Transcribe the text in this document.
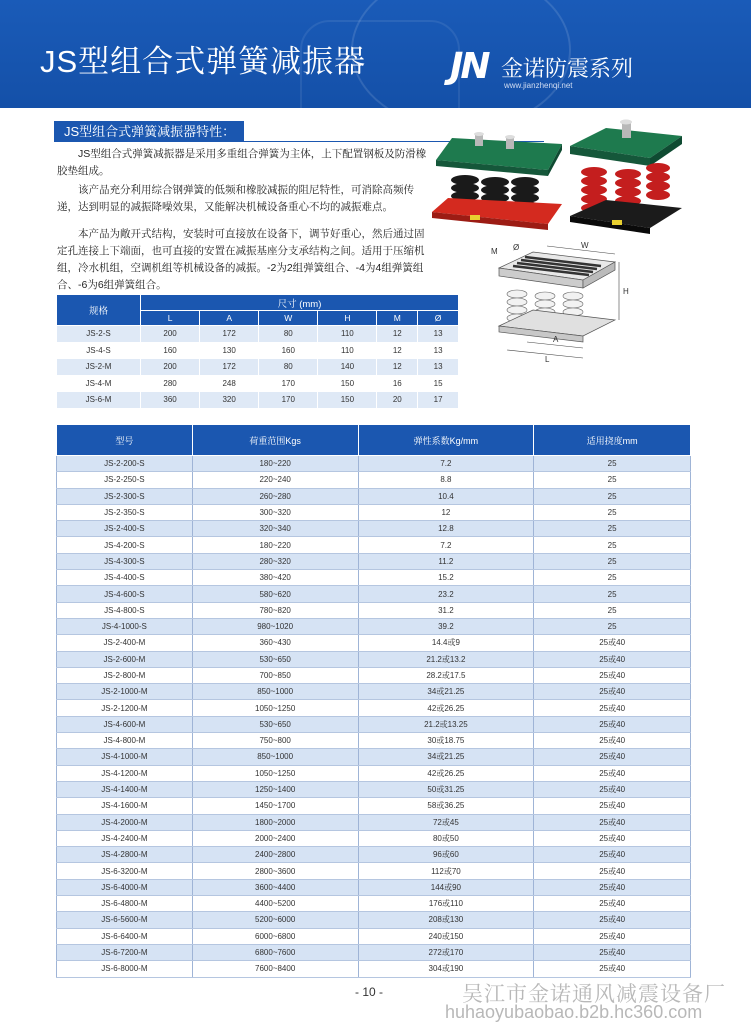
JS型组合式弹簧减振器 JN 金诺防震系列
www.jianzhenqi.net
JS型组合式弹簧减振器特性：
JS型组合式弹簧减振器是采用多重组合弹簧为主体，上下配置钢板及防滑橡胶垫组成。
该产品充分利用综合钢弹簧的低频和橡胶减振的阻尼特性，可消除高频传递，达到明显的减振降噪效果，又能解决机械设备重心不均的减振难点。
本产品为敞开式结构，安装时可直接放在设备下，调节好重心，然后通过固定孔连接上下端面，也可直接的安置在减振基座分支承结构之间。适用于压缩机组，冷水机组，空调机组等机械设备的减振。-2为2组弹簧组合、-4为4组弹簧组合、-6为6组弹簧组合。
M Ø	W
H
A
L
规格	尺寸 (mm)					
	L	A	W	H	M	Ø
JS-2-S	200	172	80	110	12	13
JS-4-S	160	130	160	110	12	13
JS-2-M	200	172	80	140	12	13
JS-4-M	280	248	170	150	16	15
JS-6-M	360	320	170	150	20	17
型号	荷重范围Kgs	弹性系数Kg/mm	适用挠度mm
JS-2-200-S	180~220	7.2	25
JS-2-250-S	220~240	8.8	25
JS-2-300-S	260~280	10.4	25
JS-2-350-S	300~320	12	25
JS-2-400-S	320~340	12.8	25
JS-4-200-S	180~220	7.2	25
JS-4-300-S	280~320	11.2	25
JS-4-400-S	380~420	15.2	25
JS-4-600-S	580~620	23.2	25
JS-4-800-S	780~820	31.2	25
JS-4-1000-S	980~1020	39.2	25
JS-2-400-M	360~430	14.4或9	25或40
JS-2-600-M	530~650	21.2或13.2	25或40
JS-2-800-M	700~850	28.2或17.5	25或40
JS-2-1000-M	850~1000	34或21.25	25或40
JS-2-1200-M	1050~1250	42或26.25	25或40
JS-4-600-M	530~650	21.2或13.25	25或40
JS-4-800-M	750~800	30或18.75	25或40
JS-4-1000-M	850~1000	34或21.25	25或40
JS-4-1200-M	1050~1250	42或26.25	25或40
JS-4-1400-M	1250~1400	50或31.25	25或40
JS-4-1600-M	1450~1700	58或36.25	25或40
JS-4-2000-M	1800~2000	72或45	25或40
JS-4-2400-M	2000~2400	80或50	25或40
JS-4-2800-M	2400~2800	96或60	25或40
JS-6-3200-M	2800~3600	112或70	25或40
JS-6-4000-M	3600~4400	144或90	25或40
JS-6-4800-M	4400~5200	176或110	25或40
JS-6-5600-M	5200~6000	208或130	25或40
JS-6-6400-M	6000~6800	240或150	25或40
JS-6-7200-M	6800~7600	272或170	25或40
JS-6-8000-M	7600~8400	304或190	25或40
- 10 -	吴江市金诺通风减震设备厂
huhaoyubaobao.b2b.hc360.com
